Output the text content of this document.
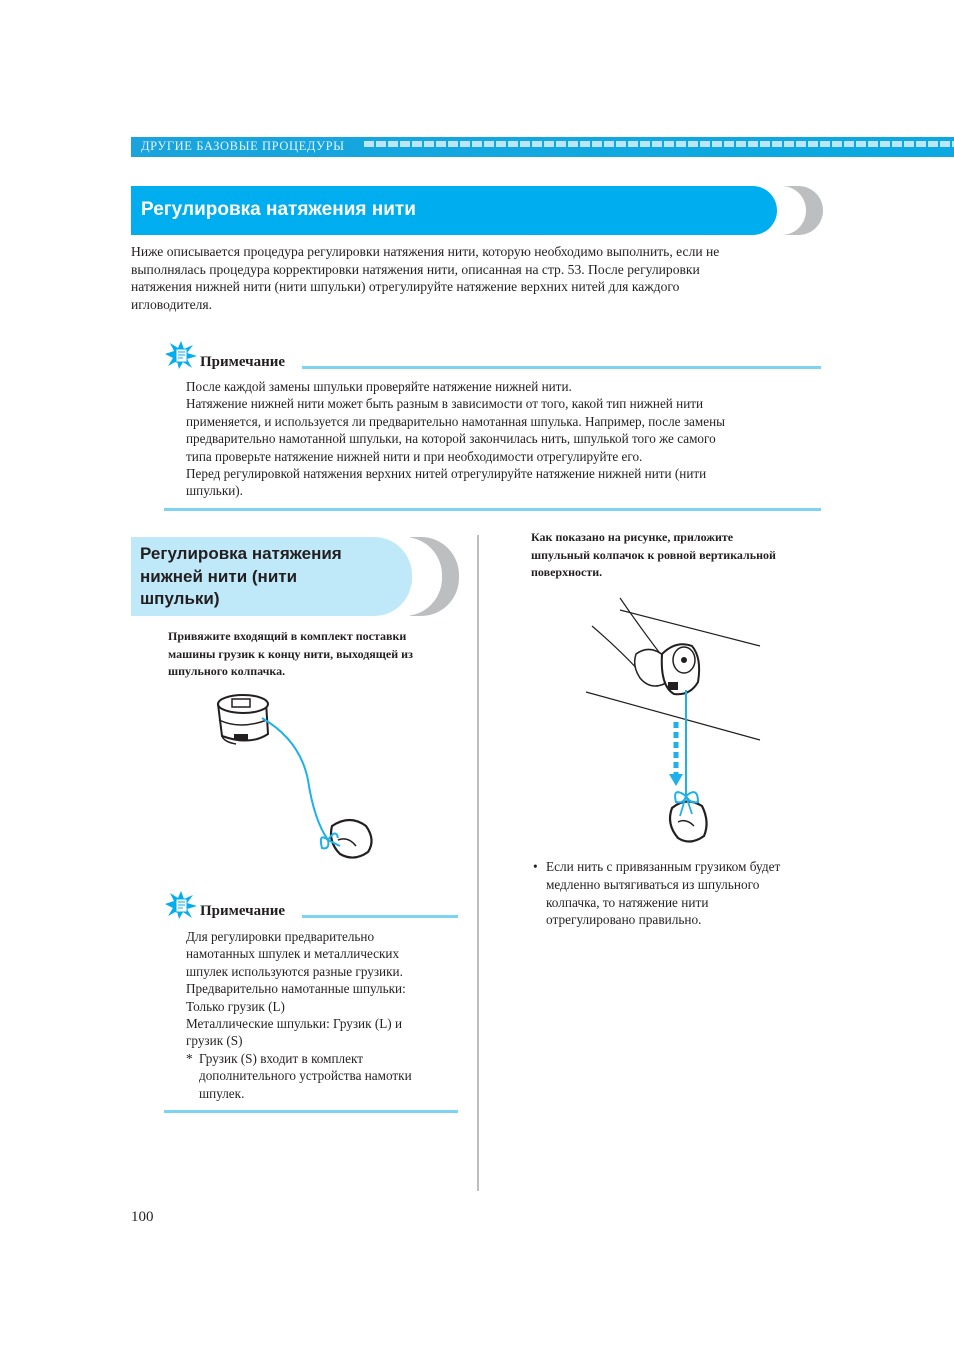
ДРУГИЕ БАЗОВЫЕ ПРОЦЕДУРЫ
Регулировка натяжения нити
Ниже описывается процедура регулировки натяжения нити, которую необходимо выполнить, если не
выполнялась процедура корректировки натяжения нити, описанная на стр. 53. После регулировки
натяжения нижней нити (нити шпульки) отрегулируйте натяжение верхних нитей для каждого
игловодителя.
Примечание
После каждой замены шпульки проверяйте натяжение нижней нити.
Натяжение нижней нити может быть разным в зависимости от того, какой тип нижней нити
применяется, и используется ли предварительно намотанная шпулька. Например, после замены
предварительно намотанной шпульки, на которой закончилась нить, шпулькой того же самого
типа проверьте натяжение нижней нити и при необходимости отрегулируйте его.
Перед регулировкой натяжения верхних нитей отрегулируйте натяжение нижней нити (нити
шпульки).
Регулировка натяжения
нижней нити (нити
шпульки)
Привяжите входящий в комплект поставки
машины грузик к концу нити, выходящей из
шпульного колпачка.
Примечание
Для регулировки предварительно
намотанных шпулек и металлических
шпулек используются разные грузики.
Предварительно намотанные шпульки:
Только грузик (L)
Металлические шпульки: Грузик (L) и
грузик (S)
* Грузик (S) входит в комплект
дополнительного устройства намотки
шпулек.
Как показано на рисунке, приложите
шпульный колпачок к ровной вертикальной
поверхности.
• Если нить с привязанным грузиком будет
медленно вытягиваться из шпульного
колпачка, то натяжение нити
отрегулировано правильно.
100
